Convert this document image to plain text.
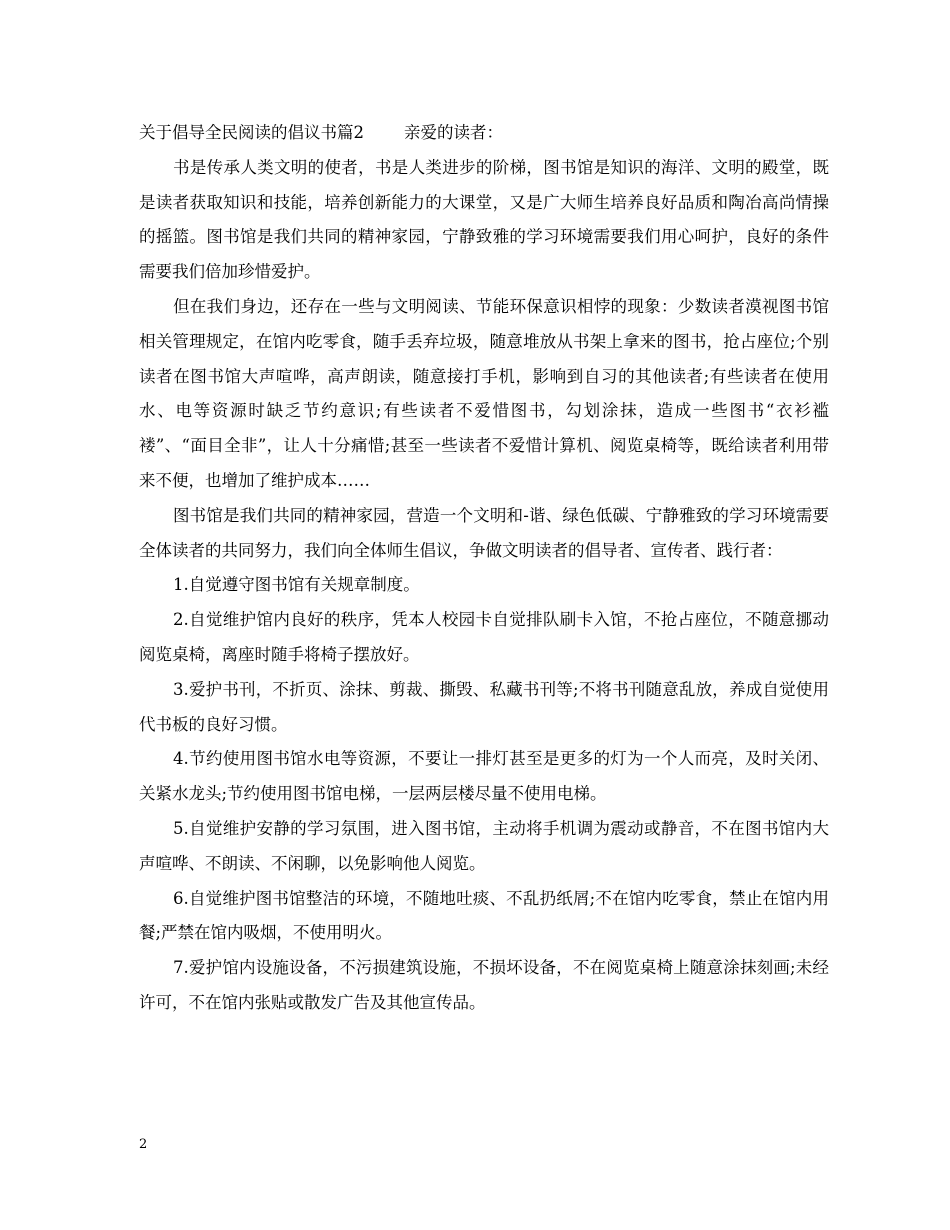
关于倡导全民阅读的倡议书篇2 亲爱的读者：

书是传承人类文明的使者，书是人类进步的阶梯，图书馆是知识的海洋、文明的殿堂，既是读者获取知识和技能，培养创新能力的大课堂，又是广大师生培养良好品质和陶冶高尚情操的摇篮。图书馆是我们共同的精神家园，宁静致雅的学习环境需要我们用心呵护，良好的条件需要我们倍加珍惜爱护。

但在我们身边，还存在一些与文明阅读、节能环保意识相悖的现象：少数读者漠视图书馆相关管理规定，在馆内吃零食，随手丢弃垃圾，随意堆放从书架上拿来的图书，抢占座位;个别读者在图书馆大声喧哗，高声朗读，随意接打手机，影响到自习的其他读者;有些读者在使用水、电等资源时缺乏节约意识;有些读者不爱惜图书，勾划涂抹，造成一些图书“衣衫褴褛”、“面目全非”，让人十分痛惜;甚至一些读者不爱惜计算机、阅览桌椅等，既给读者利用带来不便，也增加了维护成本……

图书馆是我们共同的精神家园，营造一个文明和-谐、绿色低碳、宁静雅致的学习环境需要全体读者的共同努力，我们向全体师生倡议，争做文明读者的倡导者、宣传者、践行者：

1.自觉遵守图书馆有关规章制度。

2.自觉维护馆内良好的秩序，凭本人校园卡自觉排队刷卡入馆，不抢占座位，不随意挪动阅览桌椅，离座时随手将椅子摆放好。

3.爱护书刊，不折页、涂抹、剪裁、撕毁、私藏书刊等;不将书刊随意乱放，养成自觉使用代书板的良好习惯。

4.节约使用图书馆水电等资源，不要让一排灯甚至是更多的灯为一个人而亮，及时关闭、关紧水龙头;节约使用图书馆电梯，一层两层楼尽量不使用电梯。

5.自觉维护安静的学习氛围，进入图书馆，主动将手机调为震动或静音，不在图书馆内大声喧哗、不朗读、不闲聊，以免影响他人阅览。

6.自觉维护图书馆整洁的环境，不随地吐痰、不乱扔纸屑;不在馆内吃零食，禁止在馆内用餐;严禁在馆内吸烟，不使用明火。

7.爱护馆内设施设备，不污损建筑设施，不损坏设备，不在阅览桌椅上随意涂抹刻画;未经许可，不在馆内张贴或散发广告及其他宣传品。

2
